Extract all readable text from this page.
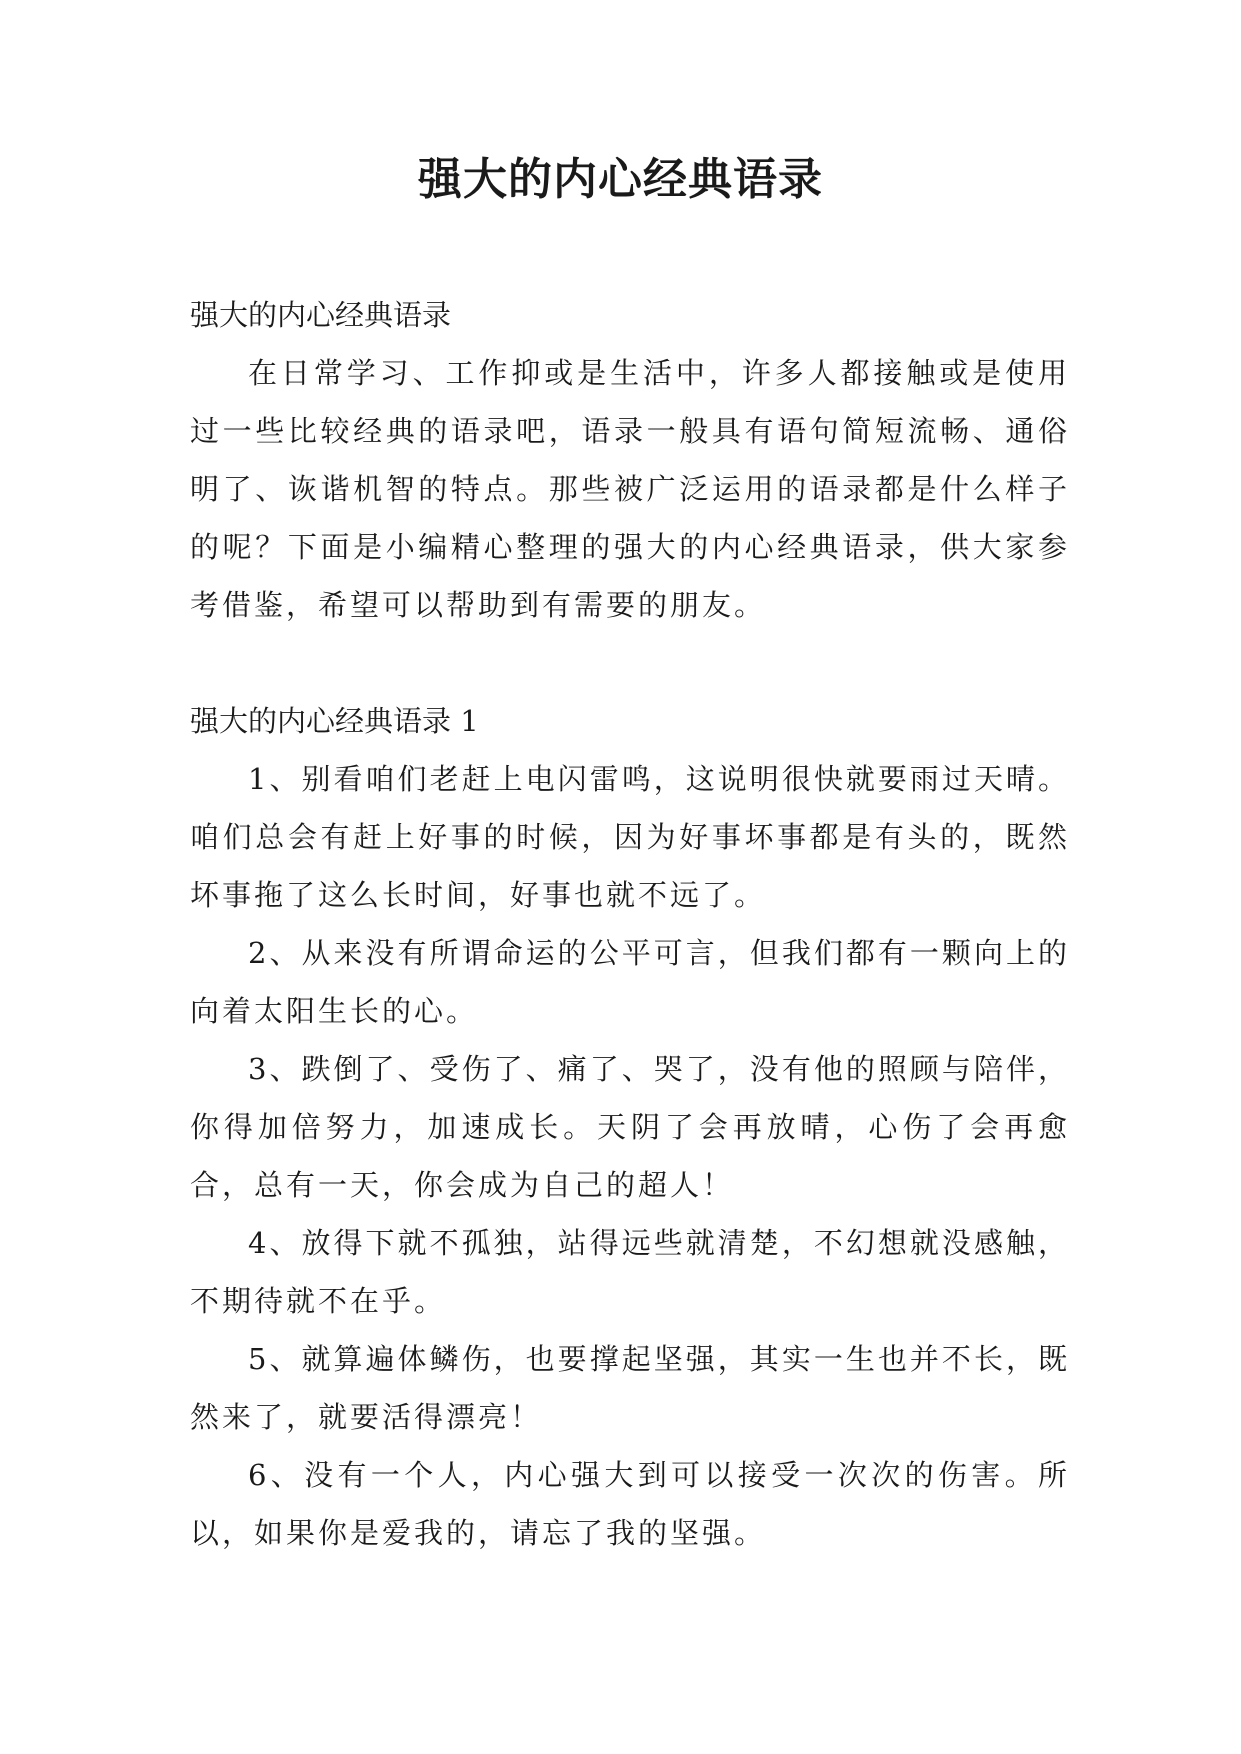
强大的内心经典语录

强大的内心经典语录

在日常学习、工作抑或是生活中，许多人都接触或是使用过一些比较经典的语录吧，语录一般具有语句简短流畅、通俗明了、诙谐机智的特点。那些被广泛运用的语录都是什么样子的呢？下面是小编精心整理的强大的内心经典语录，供大家参考借鉴，希望可以帮助到有需要的朋友。

强大的内心经典语录 1

1、别看咱们老赶上电闪雷鸣，这说明很快就要雨过天晴。咱们总会有赶上好事的时候，因为好事坏事都是有头的，既然坏事拖了这么长时间，好事也就不远了。

2、从来没有所谓命运的公平可言，但我们都有一颗向上的向着太阳生长的心。

3、跌倒了、受伤了、痛了、哭了，没有他的照顾与陪伴，你得加倍努力，加速成长。天阴了会再放晴，心伤了会再愈合，总有一天，你会成为自己的超人！

4、放得下就不孤独，站得远些就清楚，不幻想就没感触，不期待就不在乎。

5、就算遍体鳞伤，也要撑起坚强，其实一生也并不长，既然来了，就要活得漂亮！

6、没有一个人，内心强大到可以接受一次次的伤害。所以，如果你是爱我的，请忘了我的坚强。
